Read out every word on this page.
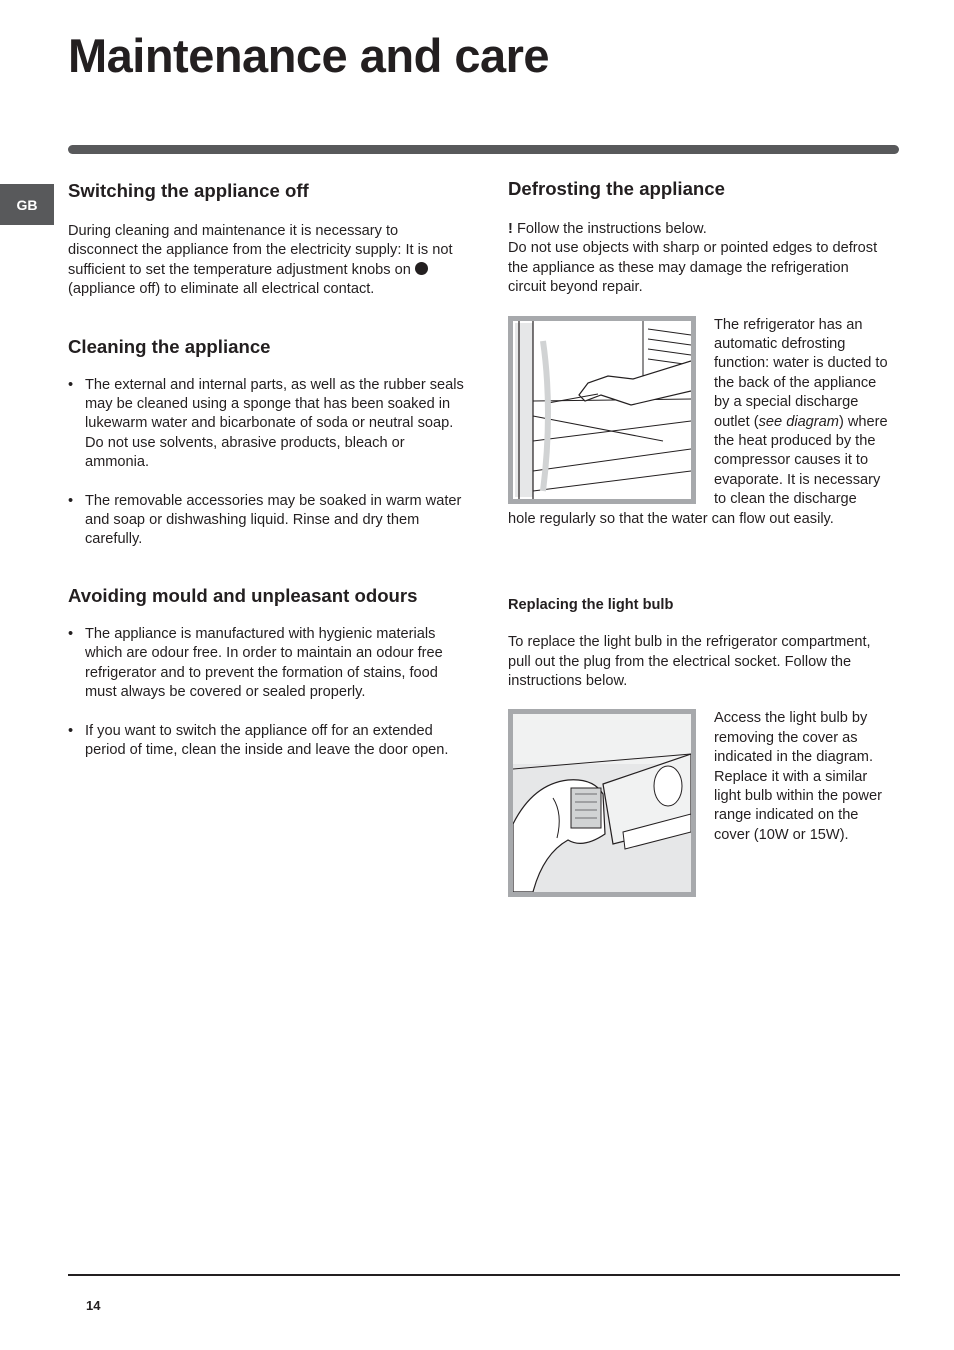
Maintenance and care
GB
Switching the appliance off

During cleaning and maintenance it is necessary to disconnect the appliance from the electricity supply: It is not sufficient to set the temperature adjustment knobs on  (appliance off) to eliminate all electrical contact.

Cleaning the appliance
• The external and internal parts, as well as the rubber seals may be cleaned using a sponge that has been soaked in lukewarm water and bicarbonate of soda or neutral soap. Do not use solvents, abrasive products, bleach or ammonia.
• The removable accessories may be soaked in warm water and soap or dishwashing liquid. Rinse and dry them carefully.
Avoiding mould and unpleasant odours
• The appliance is manufactured with hygienic materials which are odour free. In order to maintain an odour free refrigerator and to prevent the formation of stains, food must always be covered or sealed properly.
• If you want to switch the appliance off for an extended period of time, clean the inside and leave the door open.
Defrosting the appliance

! Follow the instructions below.

Do not use objects with sharp or pointed edges to defrost the appliance as these may damage the refrigeration circuit beyond repair.

The refrigerator has an automatic defrosting function: water is ducted to the back of the appliance by a special discharge outlet (see diagram) where the heat produced by the compressor causes it to evaporate. It is necessary to clean the discharge hole regularly so that the water can flow out easily.

Replacing the light bulb

To replace the light bulb in the refrigerator compartment, pull out the plug from the electrical socket. Follow the instructions below.

Access the light bulb by removing the cover as indicated in the diagram.

Replace it with a similar light bulb within the power range indicated on the cover (10W or 15W).

14
